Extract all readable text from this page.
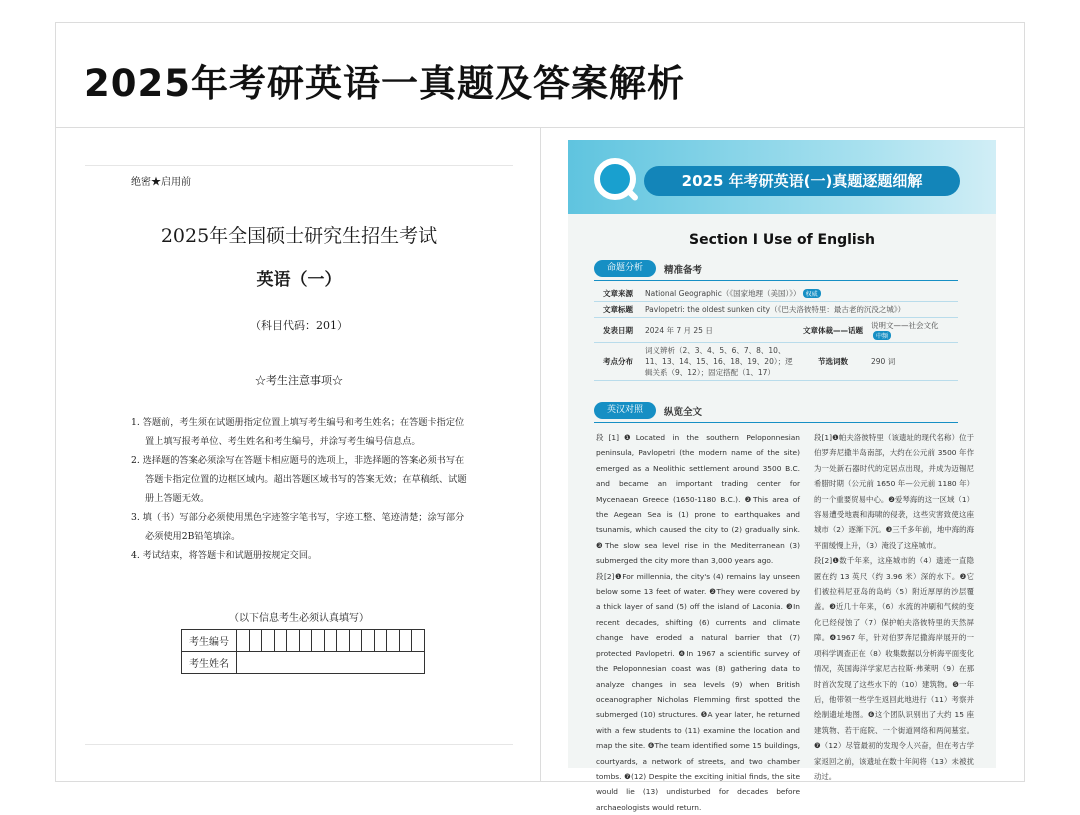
2025年考研英语一真题及答案解析
绝密★启用前
2025年全国硕士研究生招生考试
英语（一）
（科目代码：201）
☆考生注意事项☆
1. 答题前，考生须在试题册指定位置上填写考生编号和考生姓名；在答题卡指定位置上填写报考单位、考生姓名和考生编号，并涂写考生编号信息点。
2. 选择题的答案必须涂写在答题卡相应题号的选项上，非选择题的答案必须书写在答题卡指定位置的边框区域内。超出答题区域书写的答案无效；在草稿纸、试题册上答题无效。
3. 填（书）写部分必须使用黑色字迹签字笔书写，字迹工整、笔迹清楚；涂写部分必须使用2B铅笔填涂。
4. 考试结束，将答题卡和试题册按规定交回。
（以下信息考生必须认真填写）
考生编号															
考生姓名															
2025 年考研英语(一)真题逐题细解
Section Ⅰ Use of English
命题分析	精准备考
文章来源	National Geographic（《国家地理（美国）》） 权威		
文章标题	Pavlopetri: the oldest sunken city（《巴夫洛彼特里：最古老的沉没之城》）		
发表日期	2024 年 7 月 25 日	文章体裁——话题	说明文——社会文化中频
考点分布	词义辨析（2、3、4、5、6、7、8、10、11、13、14、15、16、18、19、20）；逻辑关系（9、12）；固定搭配（1、17）	节选词数	290 词
英汉对照	纵览全文

段[1]❶Located in the southern Peloponnesian peninsula, Pavlopetri (the modern name of the site) emerged as a Neolithic settlement around 3500 B.C. and became an important trading center for Mycenaean Greece (1650-1180 B.C.). ❷This area of the Aegean Sea is (1) prone to earthquakes and tsunamis, which caused the city to (2) gradually sink. ❸The slow sea level rise in the Mediterranean (3) submerged the city more than 3,000 years ago.

段[2]❶For millennia, the city's (4) remains lay unseen below some 13 feet of water. ❷They were covered by a thick layer of sand (5) off the island of Laconia. ❸In recent decades, shifting (6) currents and climate change have eroded a natural barrier that (7) protected Pavlopetri. ❹In 1967 a scientific survey of the Peloponnesian coast was (8) gathering data to analyze changes in sea levels (9) when British oceanographer Nicholas Flemming first spotted the submerged (10) structures. ❺A year later, he returned with a few students to (11) examine the location and map the site. ❻The team identified some 15 buildings, courtyards, a network of streets, and two chamber tombs. ❼(12) Despite the exciting initial finds, the site would lie (13) undisturbed for decades before archaeologists would return.

段[1]❶帕夫洛彼特里（该遗址的现代名称）位于伯罗奔尼撒半岛南部，大约在公元前 3500 年作为一处新石器时代的定居点出现，并成为迈锡尼希腊时期（公元前 1650 年—公元前 1180 年）的一个重要贸易中心。❷爱琴海的这一区域（1）容易遭受地震和海啸的侵袭，这些灾害致使这座城市（2）逐渐下沉。❸三千多年前，地中海的海平面缓慢上升，（3）淹没了这座城市。

段[2]❶数千年来，这座城市的（4）遗迹一直隐匿在约 13 英尺（约 3.96 米）深的水下。❷它们被拉科尼亚岛的岛屿（5）附近厚厚的沙层覆盖。❸近几十年来，（6）水流的冲刷和气候的变化已经侵蚀了（7）保护帕夫洛彼特里的天然屏障。❹1967 年，针对伯罗奔尼撒海岸展开的一项科学调查正在（8）收集数据以分析海平面变化情况，英国海洋学家尼古拉斯·弗莱明（9）在那时首次发现了这些水下的（10）建筑物。❺一年后，他带领一些学生返回此地进行（11）考察并绘制遗址地图。❻这个团队识别出了大约 15 座建筑物、若干庭院、一个街道网络和两间墓室。❼（12）尽管最初的发现令人兴奋，但在考古学家返回之前，该遗址在数十年间将（13）未被扰动过。
